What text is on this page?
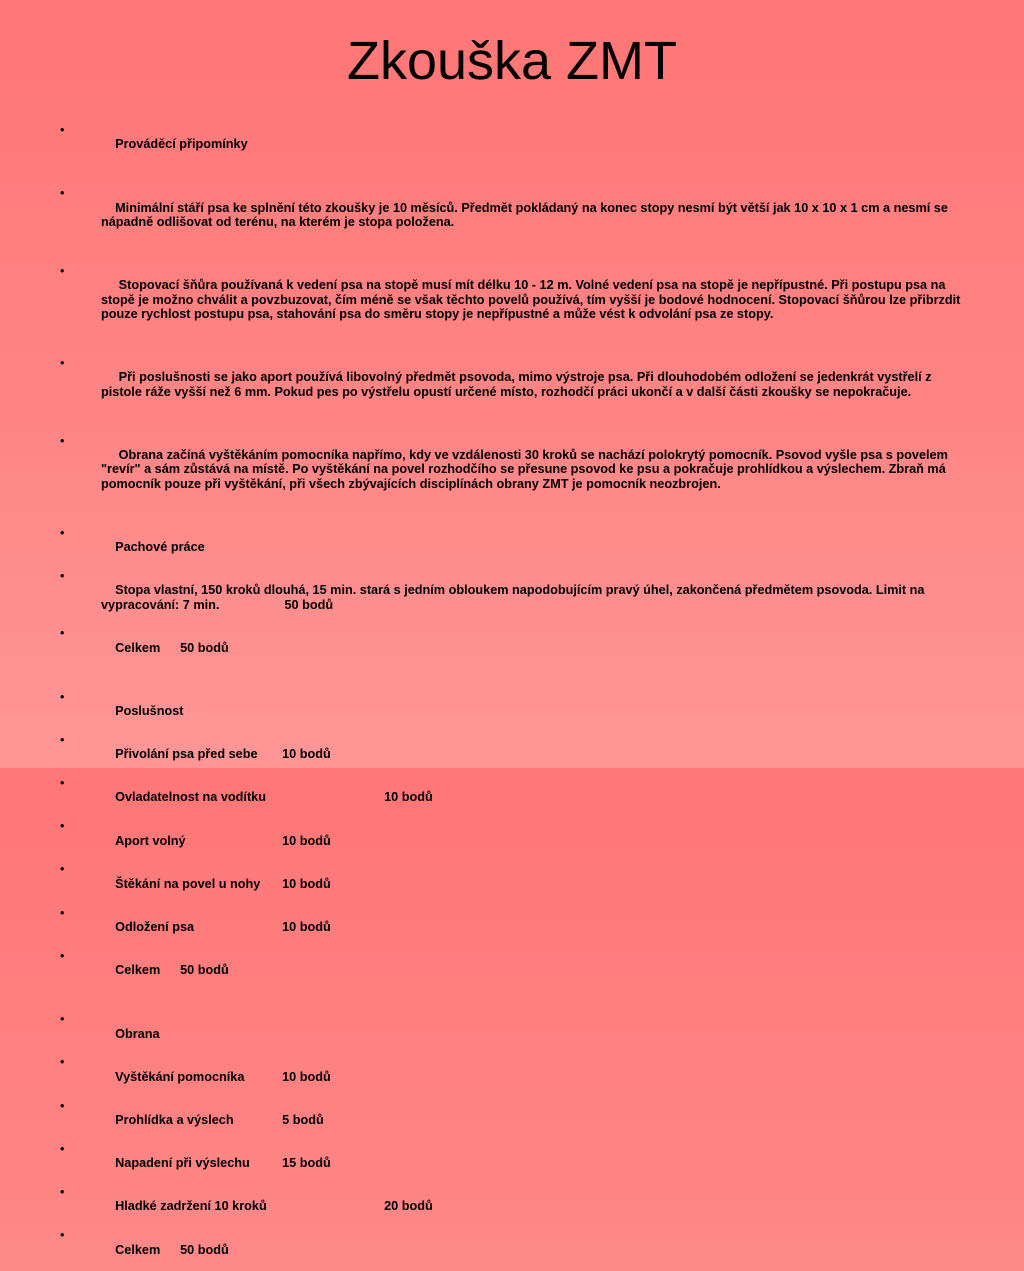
Zkouška ZMT

•
Prováděcí připomínky

•
Minimální stáří psa ke splnění této zkoušky je 10 měsíců. Předmět pokládaný na konec stopy nesmí být větší jak 10 x 10 x 1 cm a nesmí se nápadně odlišovat od terénu, na kterém je stopa položena.

•
Stopovací šňůra používaná k vedení psa na stopě musí mít délku 10 - 12 m. Volné vedení psa na stopě je nepřípustné. Při postupu psa na stopě je možno chválit a povzbuzovat, čím méně se však těchto povelů používá, tím vyšší je bodové hodnocení. Stopovací šňůrou lze přibrzdit pouze rychlost postupu psa, stahování psa do směru stopy je nepřípustné a může vést k odvolání psa ze stopy.

•
Při poslušnosti se jako aport používá libovolný předmět psovoda, mimo výstroje psa. Při dlouhodobém odložení se jedenkrát vystřelí z pistole ráže vyšší než 6 mm. Pokud pes po výstřelu opustí určené místo, rozhodčí práci ukončí a v další části zkoušky se nepokračuje.

•
Obrana začíná vyštěkáním pomocníka napřímo, kdy ve vzdálenosti 30 kroků se nachází polokrytý pomocník. Psovod vyšle psa s povelem "revír" a sám zůstává na místě. Po vyštěkání na povel rozhodčího se přesune psovod ke psu a pokračuje prohlídkou a výslechem. Zbraň má pomocník pouze při vyštěkání, při všech zbývajících disciplínách obrany ZMT je pomocník neozbrojen.

•
Pachové práce

•
Stopa vlastní, 150 kroků dlouhá, 15 min. stará s jedním obloukem napodobujícím pravý úhel, zakončená předmětem psovoda. Limit na vypracování: 7 min.	50 bodů

•
Celkem 50 bodů

•
Poslušnost

•
Přivolání psa před sebe 10 bodů

•
Ovladatelnost na vodítku	10 bodů

•
Aport volný	10 bodů

•
Štěkání na povel u nohy 10 bodů

•
Odložení psa	10 bodů

•
Celkem 50 bodů

•
Obrana

•
Vyštěkání pomocníka	10 bodů

•
Prohlídka a výslech	5 bodů

•
Napadení při výslechu	15 bodů

•
Hladké zadržení 10 kroků	20 bodů

•
Celkem 50 bodů
